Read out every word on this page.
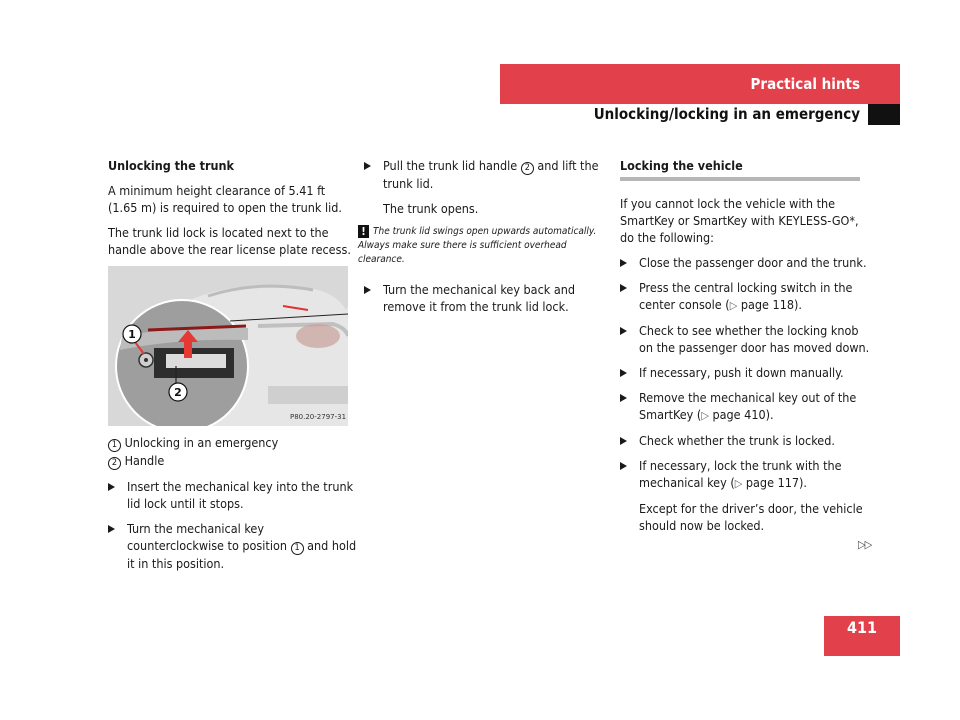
Practical hints
Unlocking/locking in an emergency

Unlocking the trunk

A minimum height clearance of 5.41 ft (1.65 m) is required to open the trunk lid.

The trunk lid lock is located next to the handle above the rear license plate recess.

1
2
P80.20-2797-31

1 Unlocking in an emergency

2 Handle

Insert the mechanical key into the trunk lid lock until it stops.
Turn the mechanical key counterclockwise to position 1 and hold it in this position.
Pull the trunk lid handle 2 and lift the trunk lid.

The trunk opens.

! The trunk lid swings open upwards automatically. Always make sure there is sufficient overhead clearance.

Turn the mechanical key back and remove it from the trunk lid lock.

Locking the vehicle

If you cannot lock the vehicle with the SmartKey or SmartKey with KEYLESS-GO*, do the following:

Close the passenger door and the trunk.
Press the central locking switch in the center console (▷ page 118).
Check to see whether the locking knob on the passenger door has moved down.
If necessary, push it down manually.
Remove the mechanical key out of the SmartKey (▷ page 410).
Check whether the trunk is locked.
If necessary, lock the trunk with the mechanical key (▷ page 117).

Except for the driver’s door, the vehicle should now be locked.

▷▷
411
